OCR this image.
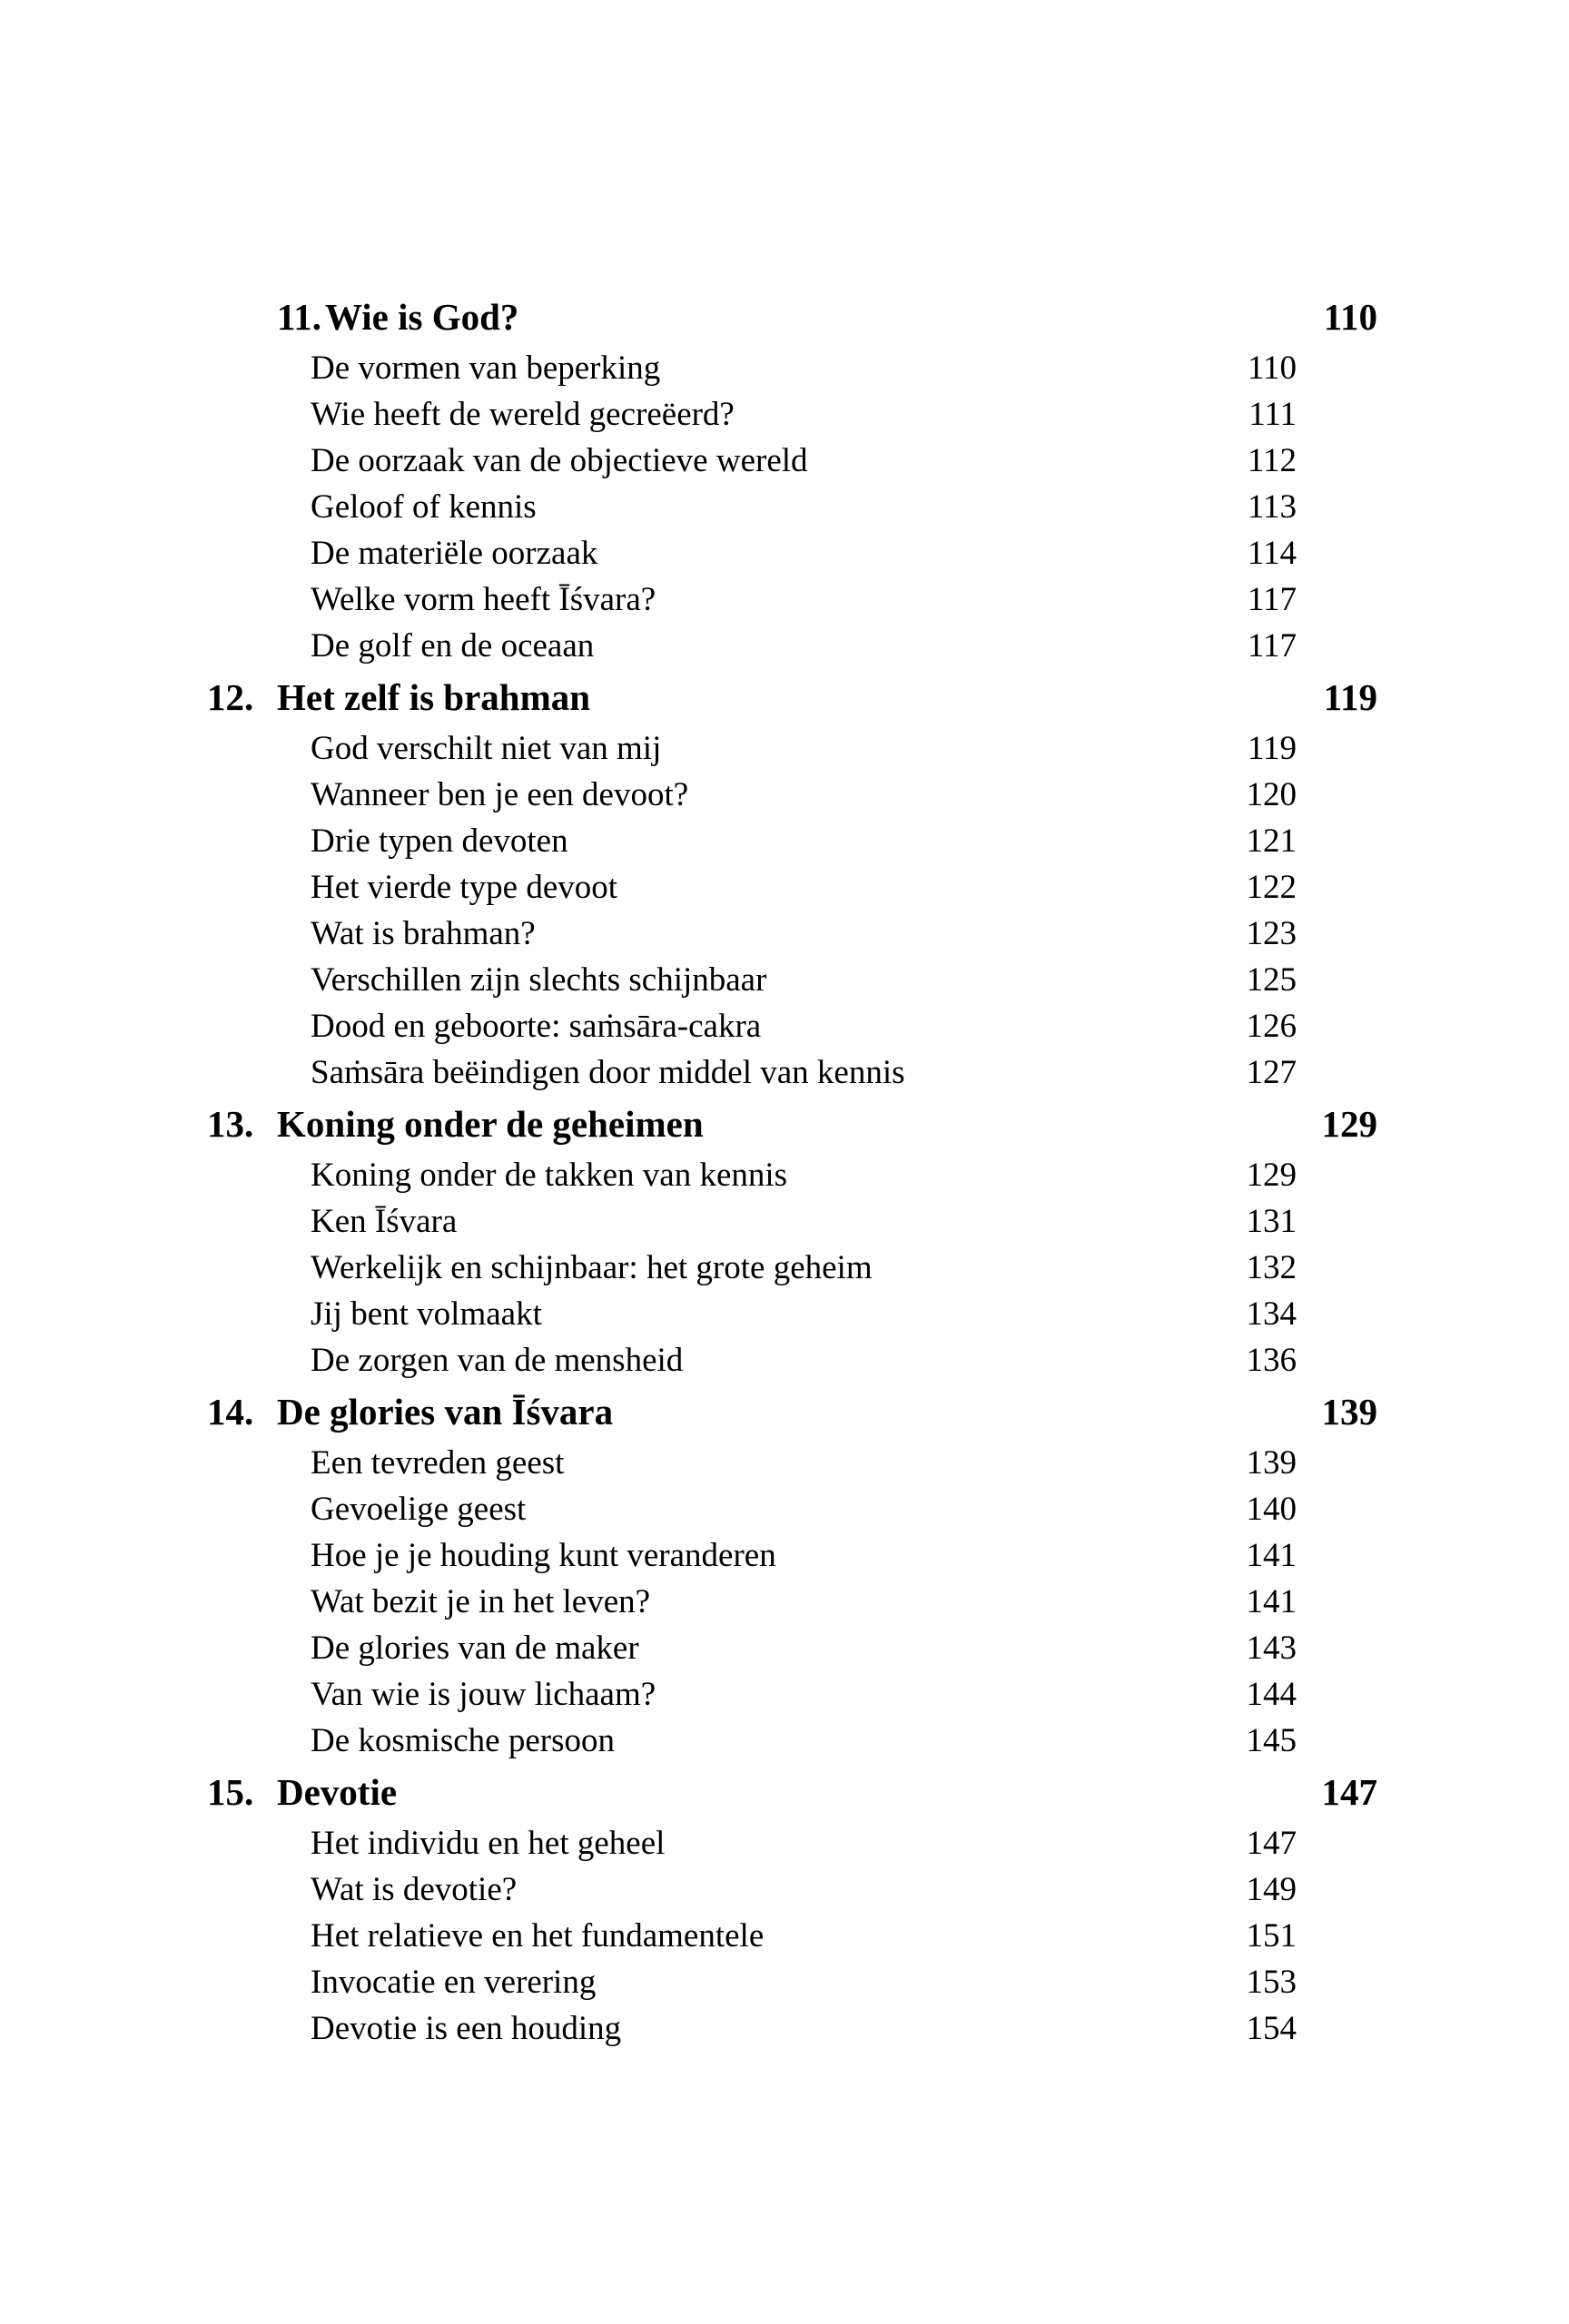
11. Wie is God?	110
De vormen van beperking	110
Wie heeft de wereld gecreëerd?	111
De oorzaak van de objectieve wereld	112
Geloof of kennis	113
De materiële oorzaak	114
Welke vorm heeft Īśvara?	117
De golf en de oceaan	117
12. Het zelf is brahman	119
God verschilt niet van mij	119
Wanneer ben je een devoot?	120
Drie typen devoten	121
Het vierde type devoot	122
Wat is brahman?	123
Verschillen zijn slechts schijnbaar	125
Dood en geboorte: saṁsāra-cakra	126
Saṁsāra beëindigen door middel van kennis	127
13. Koning onder de geheimen	129
Koning onder de takken van kennis	129
Ken Īśvara	131
Werkelijk en schijnbaar: het grote geheim	132
Jij bent volmaakt	134
De zorgen van de mensheid	136
14. De glories van Īśvara	139
Een tevreden geest	139
Gevoelige geest	140
Hoe je je houding kunt veranderen	141
Wat bezit je in het leven?	141
De glories van de maker	143
Van wie is jouw lichaam?	144
De kosmische persoon	145
15. Devotie	147
Het individu en het geheel	147
Wat is devotie?	149
Het relatieve en het fundamentele	151
Invocatie en verering	153
Devotie is een houding	154
